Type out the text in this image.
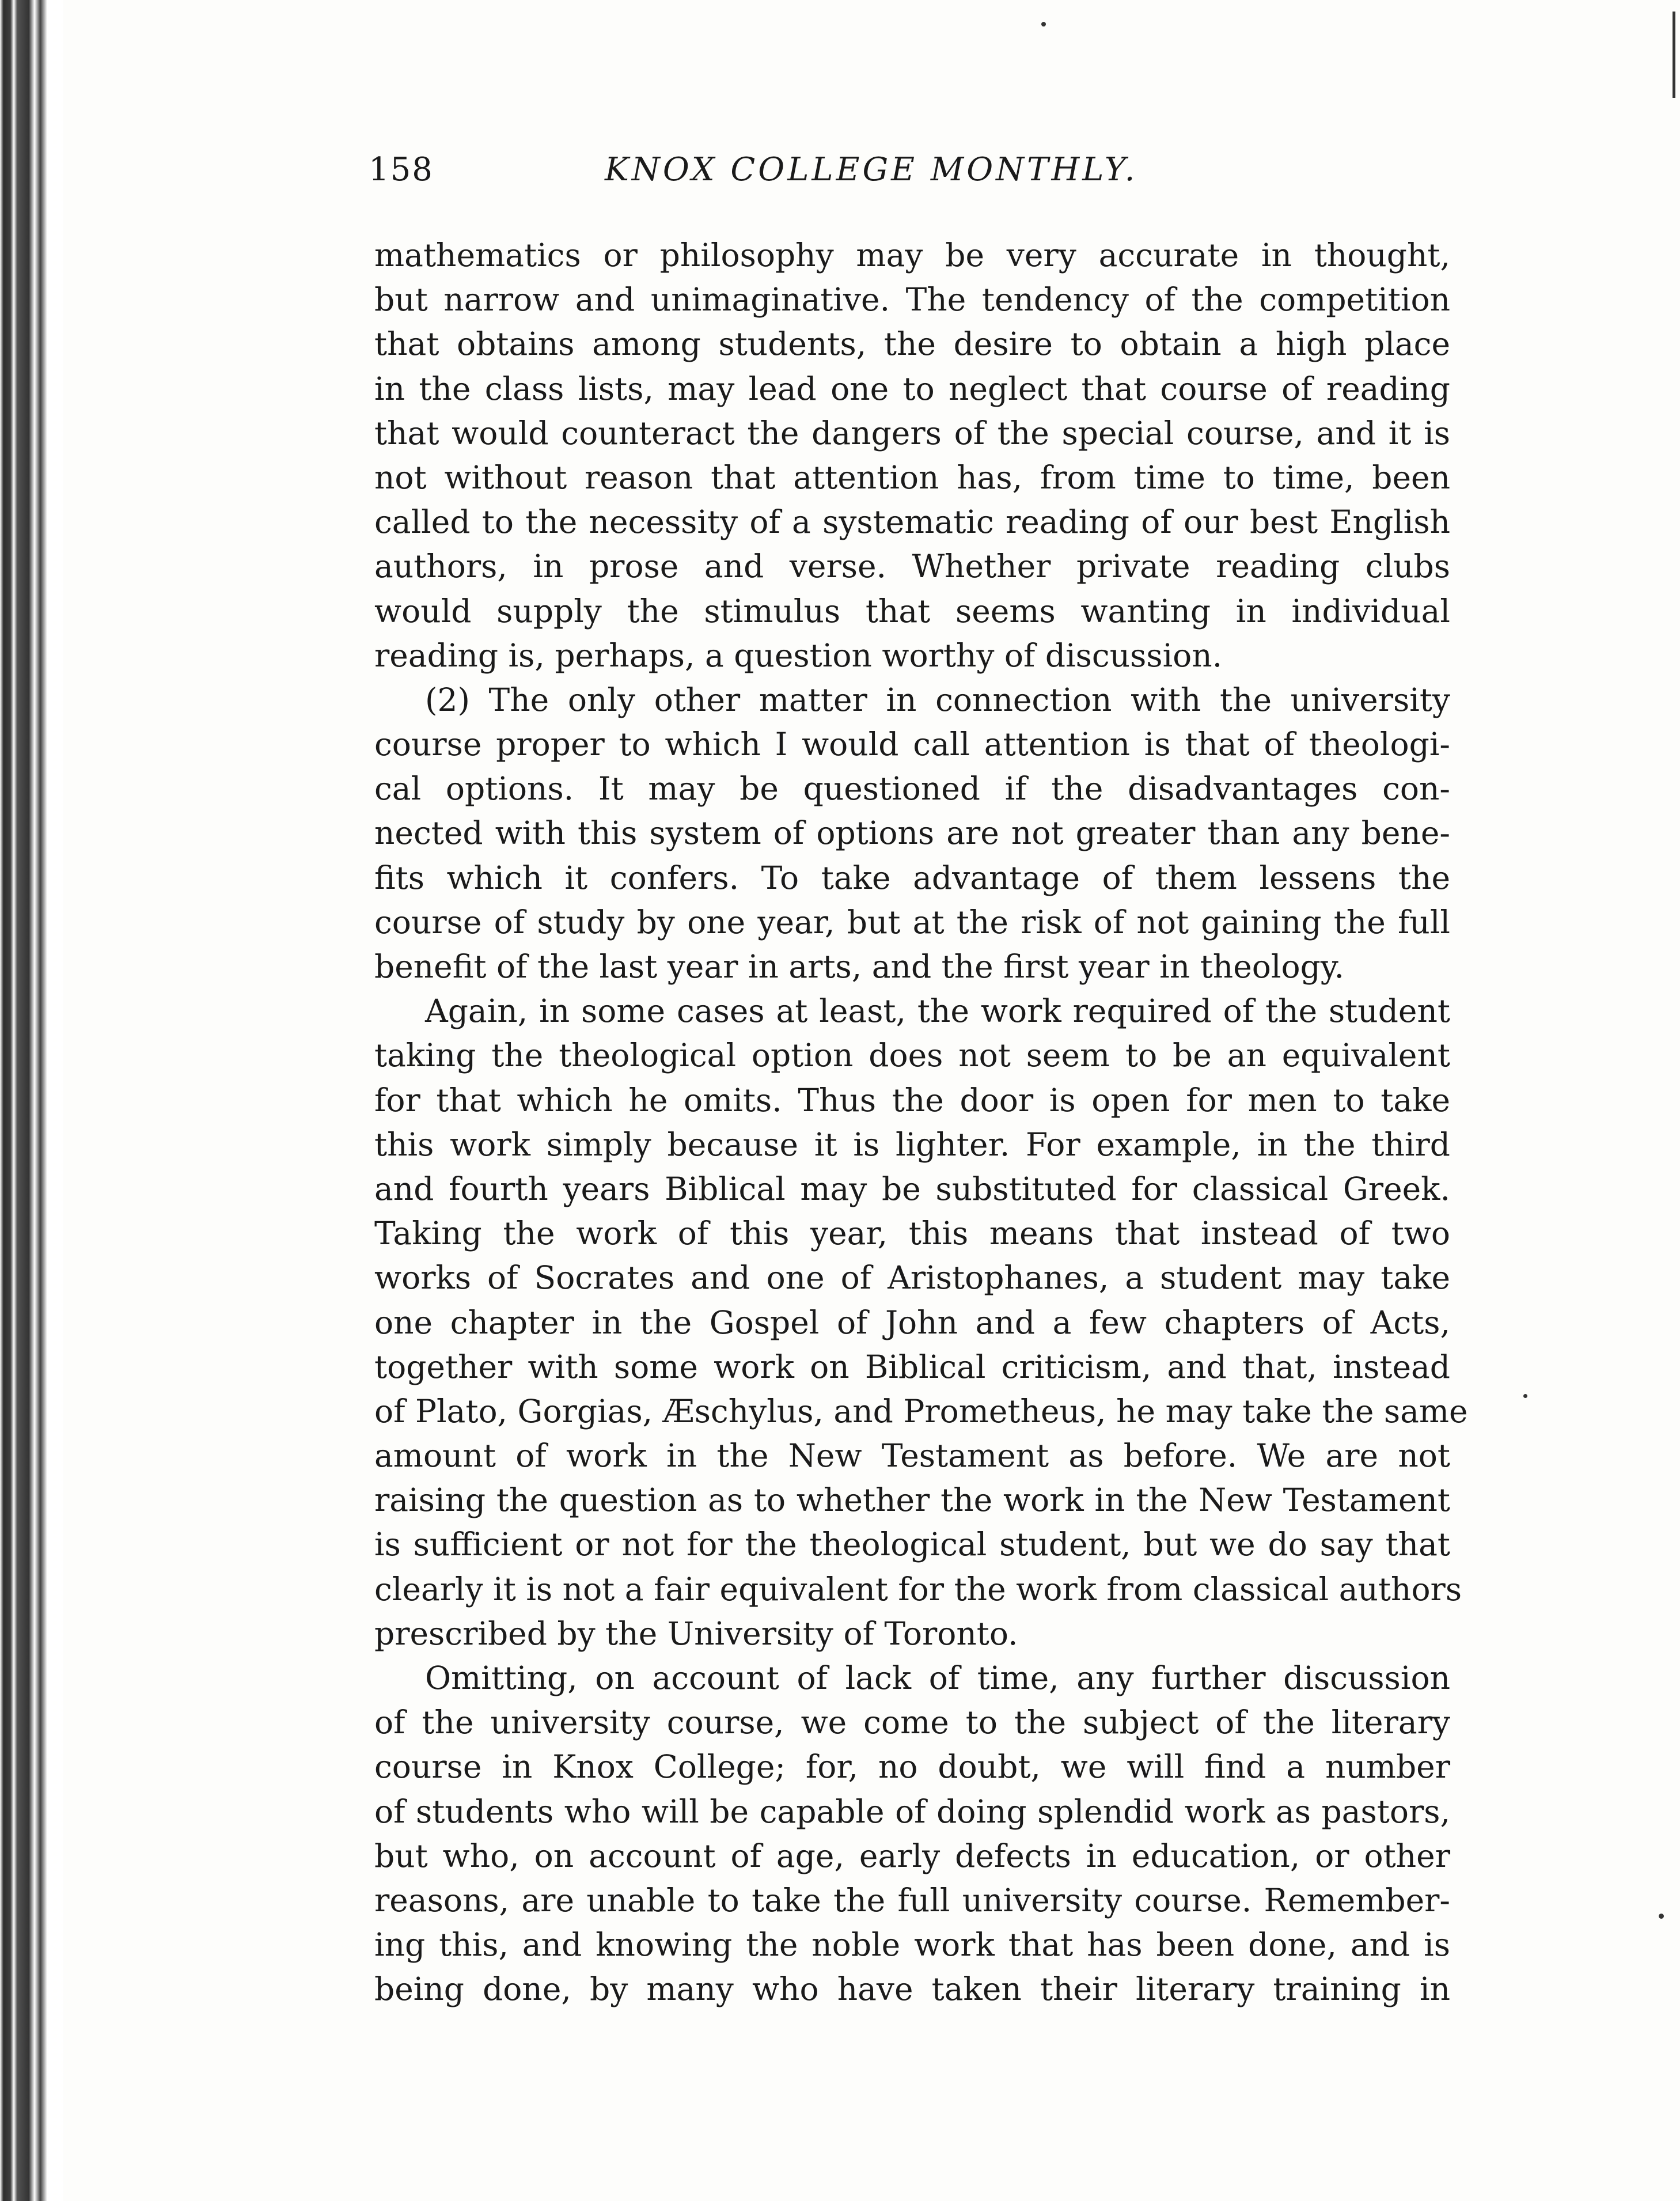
158	KNOX COLLEGE MONTHLY.
mathematics or philosophy may be very accurate in thought,
but narrow and unimaginative. The tendency of the competition
that obtains among students, the desire to obtain a high place
in the class lists, may lead one to neglect that course of reading
that would counteract the dangers of the special course, and it is
not without reason that attention has, from time to time, been
called to the necessity of a systematic reading of our best English
authors, in prose and verse. Whether private reading clubs
would supply the stimulus that seems wanting in individual
reading is, perhaps, a question worthy of discussion.
(2) The only other matter in connection with the university
course proper to which I would call attention is that of theologi-
cal options. It may be questioned if the disadvantages con-
nected with this system of options are not greater than any bene-
fits which it confers. To take advantage of them lessens the
course of study by one year, but at the risk of not gaining the full
benefit of the last year in arts, and the first year in theology.
Again, in some cases at least, the work required of the student
taking the theological option does not seem to be an equivalent
for that which he omits. Thus the door is open for men to take
this work simply because it is lighter. For example, in the third
and fourth years Biblical may be substituted for classical Greek.
Taking the work of this year, this means that instead of two
works of Socrates and one of Aristophanes, a student may take
one chapter in the Gospel of John and a few chapters of Acts,
together with some work on Biblical criticism, and that, instead
of Plato, Gorgias, Æschylus, and Prometheus, he may take the same
amount of work in the New Testament as before. We are not
raising the question as to whether the work in the New Testament
is sufficient or not for the theological student, but we do say that
clearly it is not a fair equivalent for the work from classical authors
prescribed by the University of Toronto.
Omitting, on account of lack of time, any further discussion
of the university course, we come to the subject of the literary
course in Knox College; for, no doubt, we will find a number
of students who will be capable of doing splendid work as pastors,
but who, on account of age, early defects in education, or other
reasons, are unable to take the full university course. Remember-
ing this, and knowing the noble work that has been done, and is
being done, by many who have taken their literary training in
